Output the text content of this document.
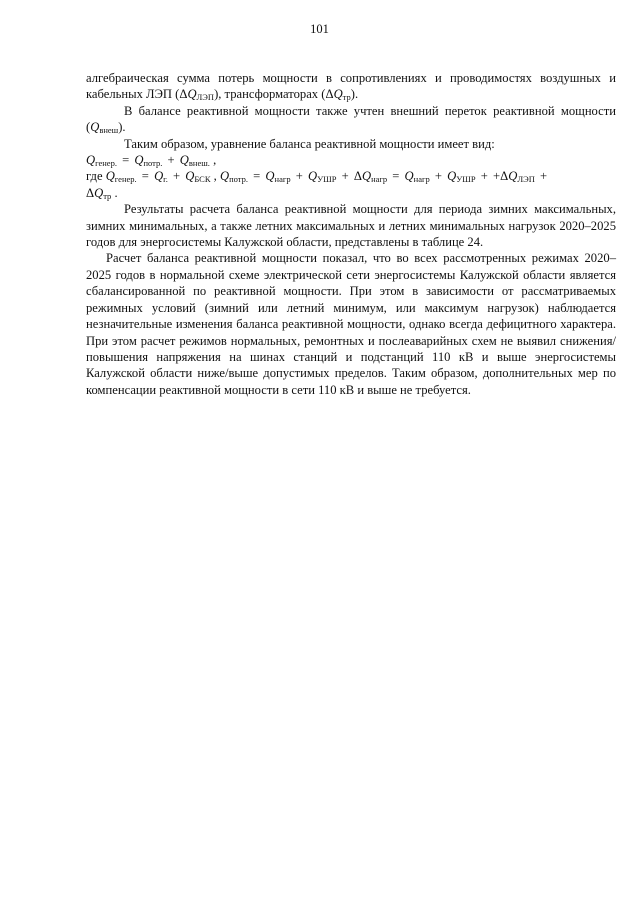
101

алгебраическая сумма потерь мощности в сопротивлениях и проводимостях воздушных и кабельных ЛЭП $(\Delta Q_{ЛЭП})$, трансформаторах $(\Delta Q_{тр})$.

В балансе реактивной мощности также учтен внешний переток реактивной мощности $(Q_{внеш})$.

Таким образом, уравнение баланса реактивной мощности имеет вид:

$Q_{генер.} = Q_{потр.} + Q_{внеш.}$ ,

где $Q_{генер.} = Q_{г.} + Q_{БСК}$ , $Q_{потр.} = Q_{нагр} + Q_{УШР} + \Delta Q_{нагр} = Q_{нагр} + Q_{УШР} + +\Delta Q_{ЛЭП}$ +
$\Delta Q_{тр}$ .

Результаты расчета баланса реактивной мощности для периода зимних максимальных, зимних минимальных, а также летних максимальных и летних минимальных нагрузок 2020–2025 годов для энергосистемы Калужской области, представлены в таблице 24.

Расчет баланса реактивной мощности показал, что во всех рассмотренных режимах 2020–2025 годов в нормальной схеме электрической сети энергосистемы Калужской области является сбалансированной по реактивной мощности. При этом в зависимости от рассматриваемых режимных условий (зимний или летний минимум, или максимум нагрузок) наблюдается незначительные изменения баланса реактивной мощности, однако всегда дефицитного характера. При этом расчет режимов нормальных, ремонтных и послеаварийных схем не выявил снижения/повышения напряжения на шинах станций и подстанций 110 кВ и выше энергосистемы Калужской области ниже/выше допустимых пределов. Таким образом, дополнительных мер по компенсации реактивной мощности в сети 110 кВ и выше не требуется.
